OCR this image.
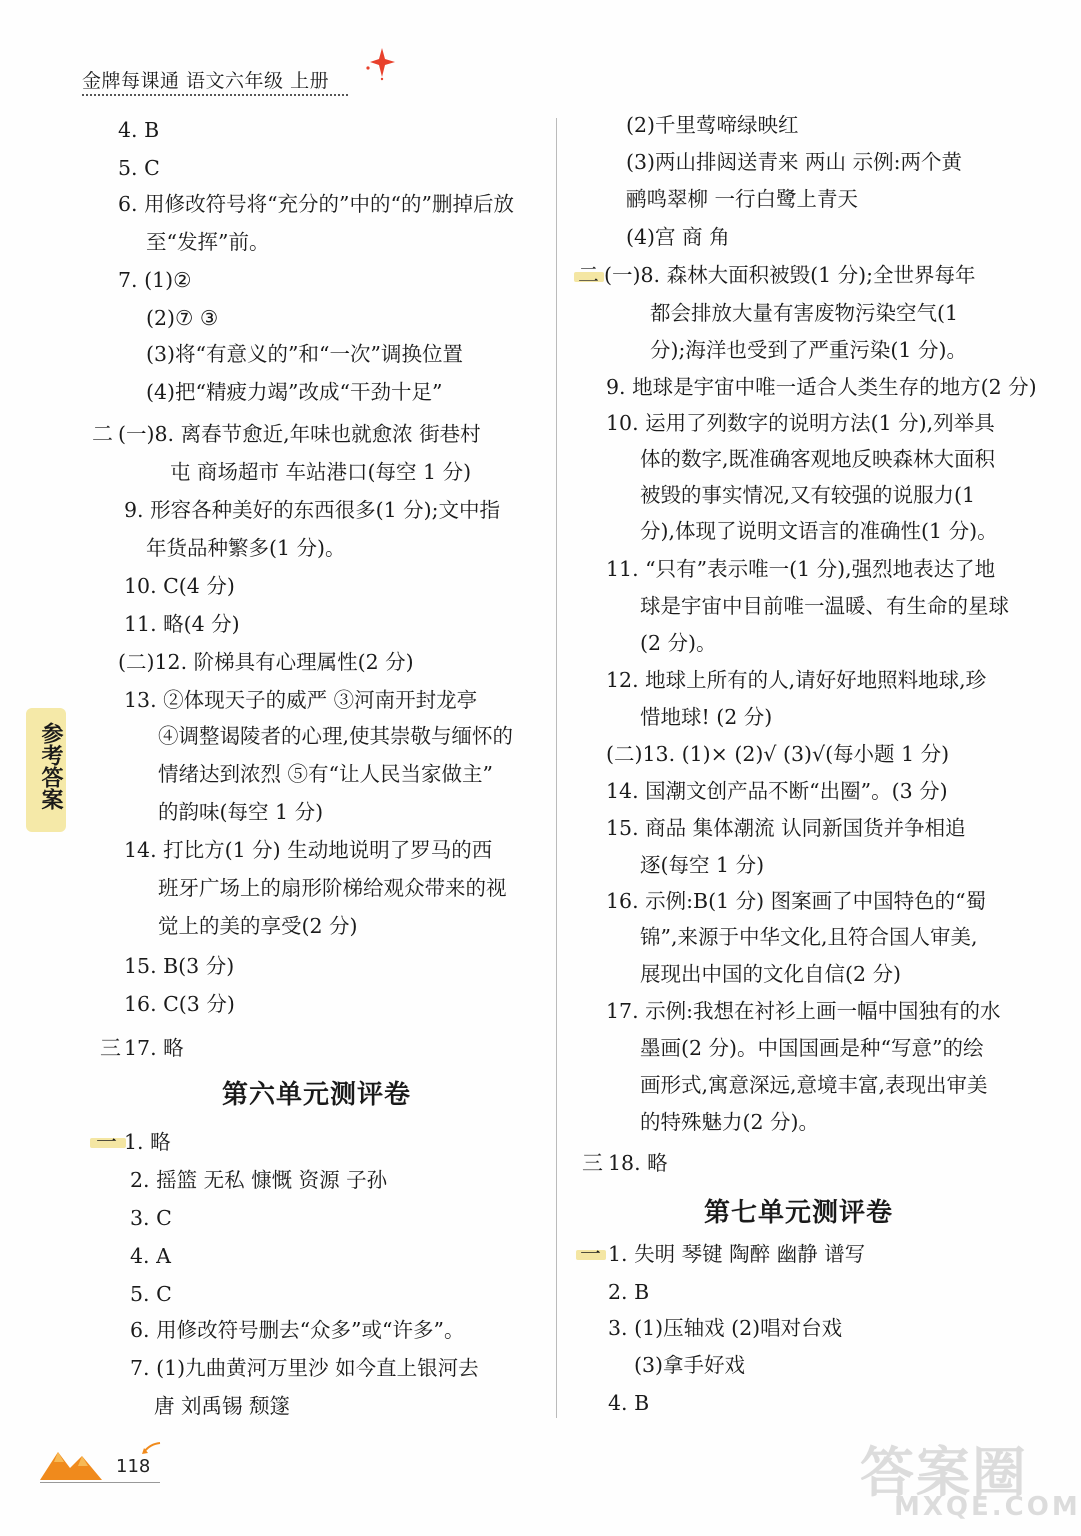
金牌每课通 语文六年级 上册
4. B
5. C
6. 用修改符号将“充分的”中的“的”删掉后放
至“发挥”前。
7. (1)②
(2)⑦ ③
(3)将“有意义的”和“一次”调换位置
(4)把“精疲力竭”改成“干劲十足”
二 (一)8. 离春节愈近,年味也就愈浓 街巷村
屯 商场超市 车站港口(每空 1 分)
9. 形容各种美好的东西很多(1 分);文中指
年货品种繁多(1 分)。
10. C(4 分)
11. 略(4 分)
(二)12. 阶梯具有心理属性(2 分)
13. ②体现天子的威严 ③河南开封龙亭
④调整谒陵者的心理,使其崇敬与缅怀的
情绪达到浓烈 ⑤有“让人民当家做主”
的韵味(每空 1 分)
14. 打比方(1 分) 生动地说明了罗马的西
班牙广场上的扇形阶梯给观众带来的视
觉上的美的享受(2 分)
15. B(3 分)
16. C(3 分)
三 17. 略
第六单元测评卷
一 1. 略
2. 摇篮 无私 慷慨 资源 子孙
3. C
4. A
5. C
6. 用修改符号删去“众多”或“许多”。
7. (1)九曲黄河万里沙 如今直上银河去
唐 刘禹锡 颓篴
(2)千里莺啼绿映红
(3)两山排闼送青来 两山 示例:两个黄
鹂鸣翠柳 一行白鹭上青天
(4)宫 商 角
二 (一)8. 森林大面积被毁(1 分);全世界每年
都会排放大量有害废物污染空气(1
分);海洋也受到了严重污染(1 分)。
9. 地球是宇宙中唯一适合人类生存的地方(2 分)
10. 运用了列数字的说明方法(1 分),列举具
体的数字,既准确客观地反映森林大面积
被毁的事实情况,又有较强的说服力(1
分),体现了说明文语言的准确性(1 分)。
11. “只有”表示唯一(1 分),强烈地表达了地
球是宇宙中目前唯一温暖、有生命的星球
(2 分)。
12. 地球上所有的人,请好好地照料地球,珍
惜地球! (2 分)
(二)13. (1)× (2)√ (3)√(每小题 1 分)
14. 国潮文创产品不断“出圈”。(3 分)
15. 商品 集体潮流 认同新国货并争相追
逐(每空 1 分)
16. 示例:B(1 分) 图案画了中国特色的“蜀
锦”,来源于中华文化,且符合国人审美,
展现出中国的文化自信(2 分)
17. 示例:我想在衬衫上画一幅中国独有的水
墨画(2 分)。中国国画是种“写意”的绘
画形式,寓意深远,意境丰富,表现出审美
的特殊魅力(2 分)。
三 18. 略
第七单元测评卷
一 1. 失明 琴键 陶醉 幽静 谱写
2. B
3. (1)压轴戏 (2)唱对台戏
(3)拿手好戏
4. B
参考答案
118	答案圈
MXQE.COM
